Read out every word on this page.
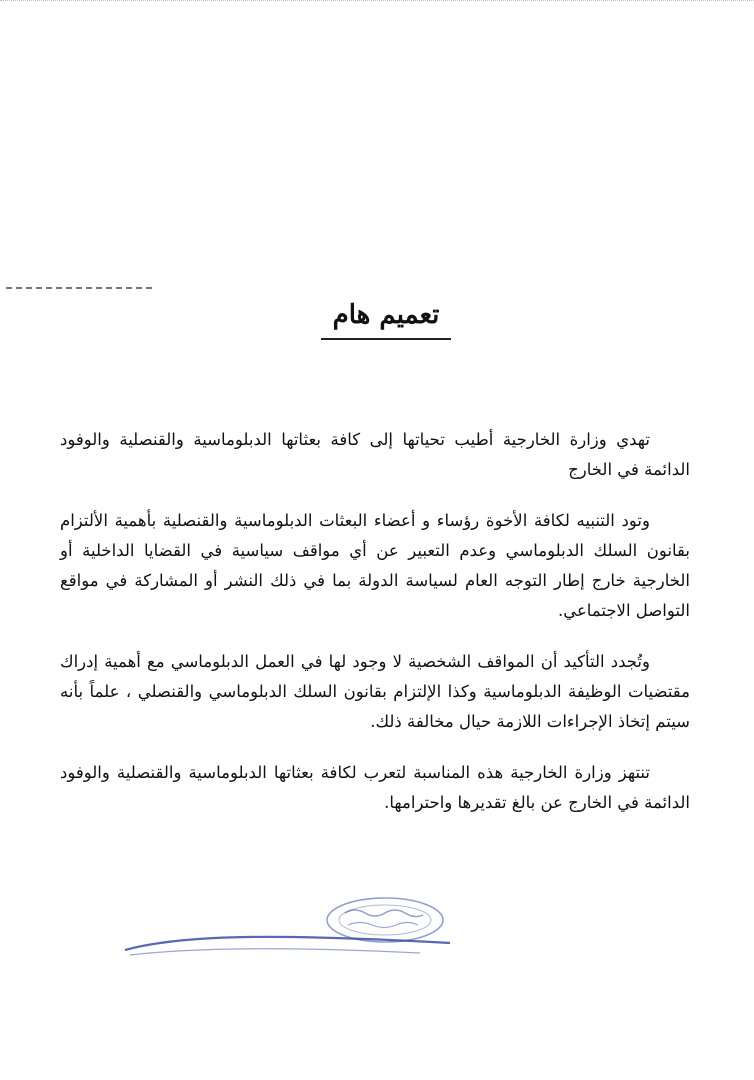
تعميم هام

تهدي وزارة الخارجية أطيب تحياتها إلى كافة بعثاتها الدبلوماسية والقنصلية والوفود الدائمة في الخارج

وتود التنبيه لكافة الأخوة رؤساء و أعضاء البعثات الدبلوماسية والقنصلية بأهمية الألتزام بقانون السلك الدبلوماسي وعدم التعبير عن أي مواقف سياسية في القضايا الداخلية أو الخارجية خارج إطار التوجه العام لسياسة الدولة بما في ذلك النشر أو المشاركة في مواقع التواصل الاجتماعي.

وتُجدد التأكيد أن المواقف الشخصية لا وجود لها في العمل الدبلوماسي مع أهمية إدراك مقتضيات الوظيفة الدبلوماسية وكذا الإلتزام بقانون السلك الدبلوماسي والقنصلي ، علماً بأنه سيتم إتخاذ الإجراءات اللازمة حيال مخالفة ذلك.

تنتهز وزارة الخارجية هذه المناسبة لتعرب لكافة بعثاتها الدبلوماسية والقنصلية والوفود الدائمة في الخارج عن بالغ تقديرها واحترامها.
